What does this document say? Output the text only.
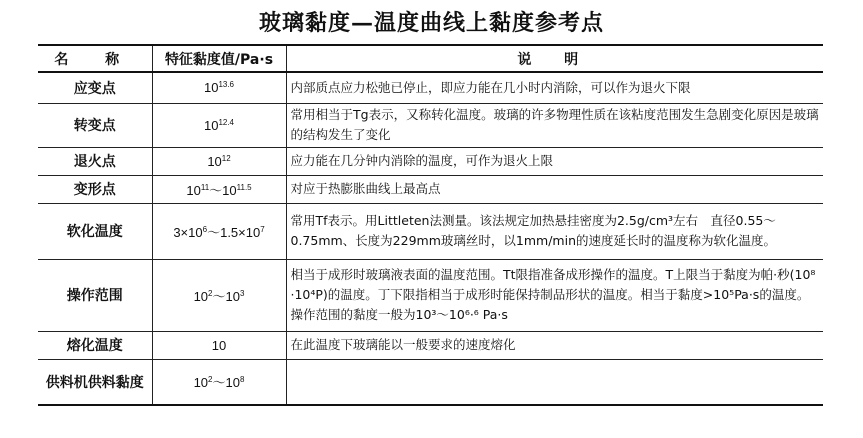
玻璃黏度—温度曲线上黏度参考点
名 称	特征黏度值/Pa·s	说 明
应变点	$10^{13.6}$	内部质点应力松弛已停止，即应力能在几小时内消除，可以作为退火下限
转变点	$10^{12.4}$	常用相当于Tg表示，又称转化温度。玻璃的许多物理性质在该粘度范围发生急剧变化原因是玻璃的结构发生了变化
退火点	$10^{12}$	应力能在几分钟内消除的温度，可作为退火上限
变形点	$10^{11}\sim 10^{11.5}$	对应于热膨胀曲线上最高点
软化温度	$3\times 10^6\sim 1.5\times 10^7$	常用Tf表示。用Littleten法测量。该法规定加热悬挂密度为2.5g/cm³左右　直径0.55～0.75mm、长度为229mm玻璃丝时，以1mm/min的速度延长时的温度称为软化温度。
操作范围	$10^2\sim 10^3$	相当于成形时玻璃液表面的温度范围。Tt限指准备成形操作的温度。T上限当于黏度为帕·秒(10⁸ ·10⁴P)的温度。丁下限指相当于成形时能保持制品形状的温度。相当于黏度>10⁵Pa·s的温度。操作范围的黏度一般为10³～10⁶·⁶ Pa·s
熔化温度	10	在此温度下玻璃能以一般要求的速度熔化
供料机供料黏度	$10^2\sim 10^8$	
